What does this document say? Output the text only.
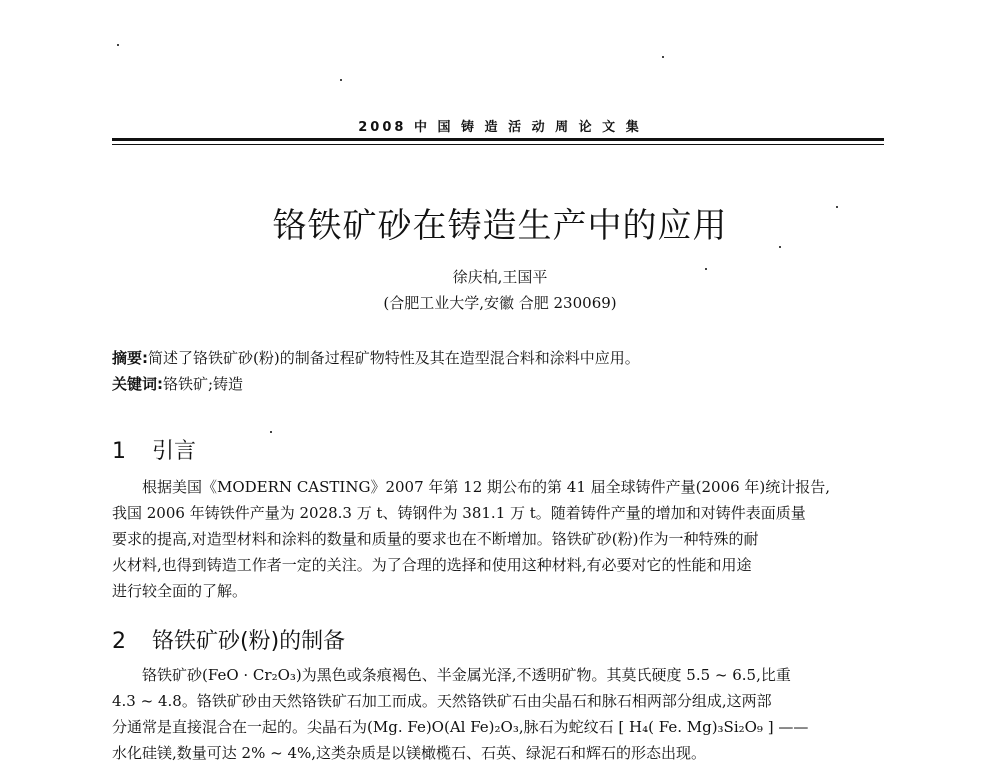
2008 中 国 铸 造 活 动 周 论 文 集
铬铁矿砂在铸造生产中的应用
徐庆柏,王国平
(合肥工业大学,安徽 合肥 230069)
摘要:简述了铬铁矿砂(粉)的制备过程矿物特性及其在造型混合料和涂料中应用。
关键词:铬铁矿;铸造
1 引言

　　根据美国《MODERN CASTING》2007 年第 12 期公布的第 41 届全球铸件产量(2006 年)统计报告,
我国 2006 年铸铁件产量为 2028.3 万 t、铸钢件为 381.1 万 t。随着铸件产量的增加和对铸件表面质量
要求的提高,对造型材料和涂料的数量和质量的要求也在不断增加。铬铁矿砂(粉)作为一种特殊的耐
火材料,也得到铸造工作者一定的关注。为了合理的选择和使用这种材料,有必要对它的性能和用途
进行较全面的了解。

2 铬铁矿砂(粉)的制备

　　铬铁矿砂(FeO · Cr₂O₃)为黑色或条痕褐色、半金属光泽,不透明矿物。其莫氏硬度 5.5 ~ 6.5,比重
4.3 ~ 4.8。铬铁矿砂由天然铬铁矿石加工而成。天然铬铁矿石由尖晶石和脉石相两部分组成,这两部
分通常是直接混合在一起的。尖晶石为(Mg. Fe)O(Al Fe)₂O₃,脉石为蛇纹石 [ H₄( Fe. Mg)₃Si₂O₉ ] ——
水化硅镁,数量可达 2% ~ 4%,这类杂质是以镁橄榄石、石英、绿泥石和辉石的形态出现。
